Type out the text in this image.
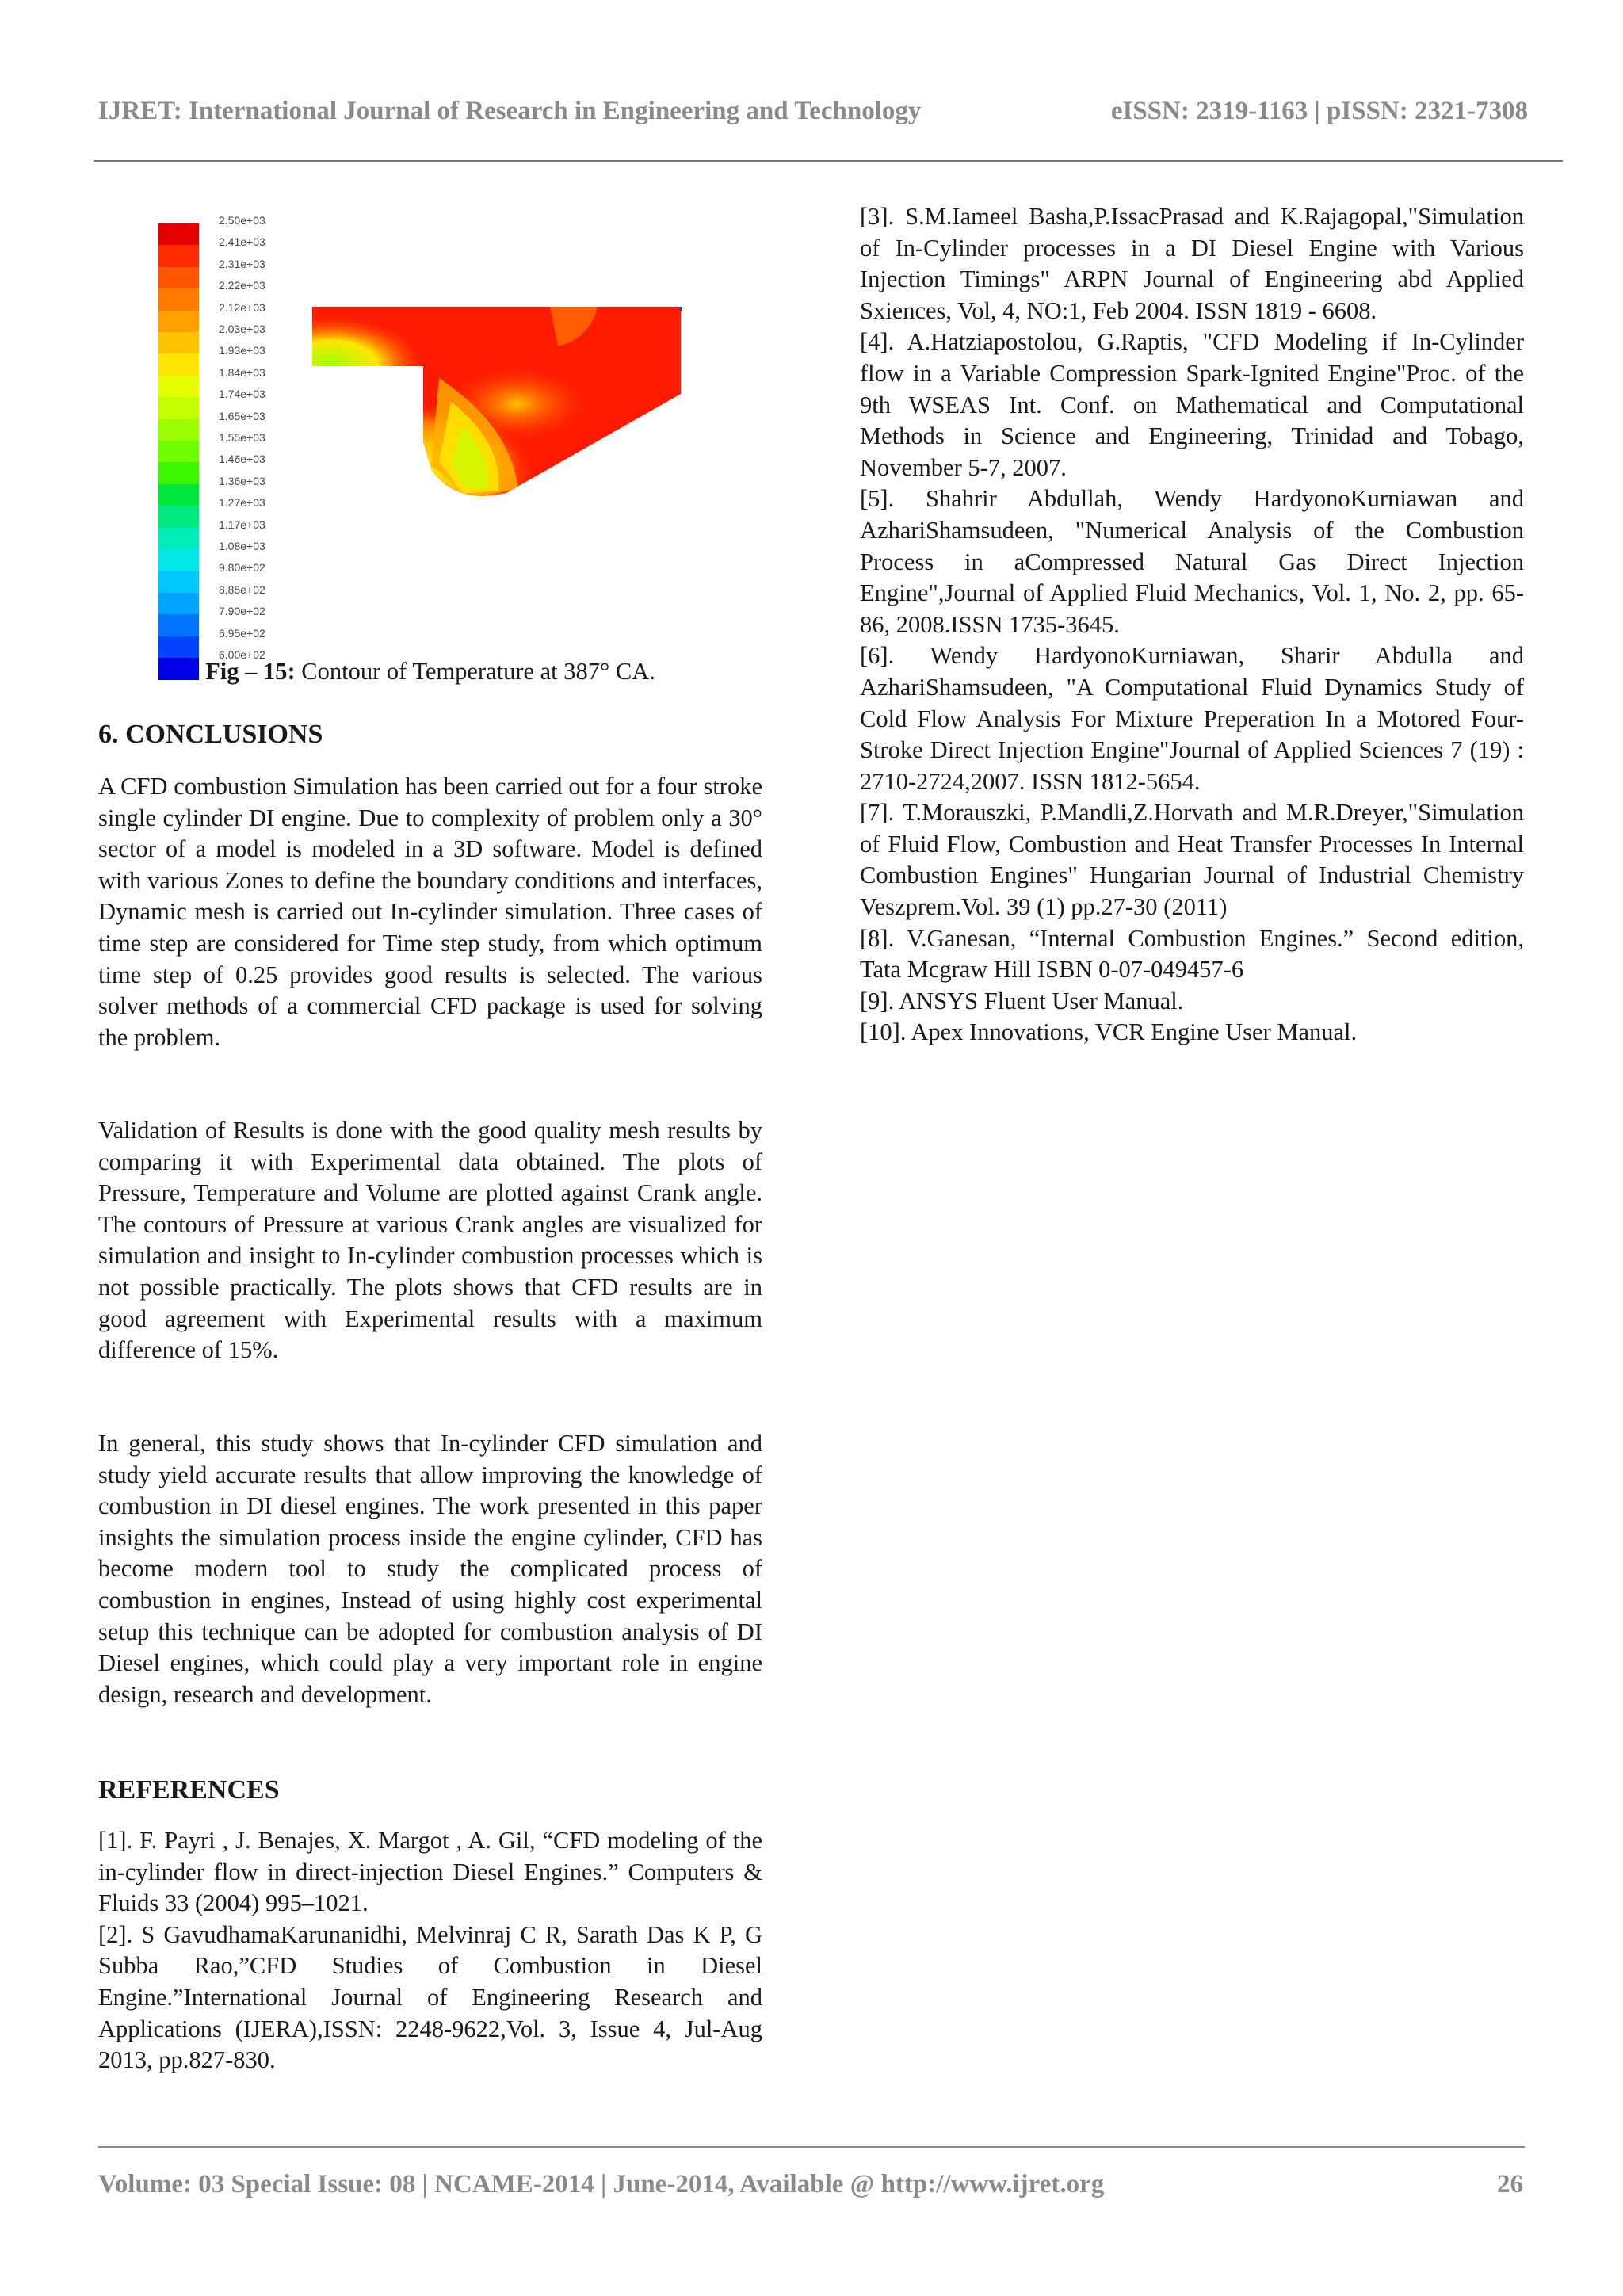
IJRET: International Journal of Research in Engineering and Technology	eISSN: 2319-1163 | pISSN: 2321-7308
2.50e+03
2.41e+03
2.31e+03
2.22e+03
2.12e+03
2.03e+03
1.93e+03
1.84e+03
1.74e+03
1.65e+03
1.55e+03
1.46e+03
1.36e+03
1.27e+03
1.17e+03
1.08e+03
9.80e+02
8.85e+02
7.90e+02
6.95e+02
6.00e+02
Fig – 15: Contour of Temperature at 387° CA.
6. CONCLUSIONS

A CFD combustion Simulation has been carried out for a four stroke single cylinder DI engine. Due to complexity of problem only a 30° sector of a model is modeled in a 3D software. Model is defined with various Zones to define the boundary conditions and interfaces, Dynamic mesh is carried out In-cylinder simulation. Three cases of time step are considered for Time step study, from which optimum time step of 0.25 provides good results is selected. The various solver methods of a commercial CFD package is used for solving the problem.

Validation of Results is done with the good quality mesh results by comparing it with Experimental data obtained. The plots of Pressure, Temperature and Volume are plotted against Crank angle. The contours of Pressure at various Crank angles are visualized for simulation and insight to In-cylinder combustion processes which is not possible practically. The plots shows that CFD results are in good agreement with Experimental results with a maximum difference of 15%.

In general, this study shows that In-cylinder CFD simulation and study yield accurate results that allow improving the knowledge of combustion in DI diesel engines. The work presented in this paper insights the simulation process inside the engine cylinder, CFD has become modern tool to study the complicated process of combustion in engines, Instead of using highly cost experimental setup this technique can be adopted for combustion analysis of DI Diesel engines, which could play a very important role in engine design, research and development.

REFERENCES

[1]. F. Payri , J. Benajes, X. Margot , A. Gil, “CFD modeling of the in-cylinder flow in direct-injection Diesel Engines.” Computers & Fluids 33 (2004) 995–1021.

[2]. S GavudhamaKarunanidhi, Melvinraj C R, Sarath Das K P, G Subba Rao,”CFD Studies of Combustion in Diesel Engine.”International Journal of Engineering Research and Applications (IJERA),ISSN: 2248-9622,Vol. 3, Issue 4, Jul-Aug 2013, pp.827-830.

[3]. S.M.Iameel Basha,P.IssacPrasad and K.Rajagopal,"Simulation of In-Cylinder processes in a DI Diesel Engine with Various Injection Timings" ARPN Journal of Engineering abd Applied Sxiences, Vol, 4, NO:1, Feb 2004. ISSN 1819 - 6608.

[4]. A.Hatziapostolou, G.Raptis, "CFD Modeling if In-Cylinder flow in a Variable Compression Spark-Ignited Engine"Proc. of the 9th WSEAS Int. Conf. on Mathematical and Computational Methods in Science and Engineering, Trinidad and Tobago, November 5-7, 2007.

[5]. Shahrir Abdullah, Wendy HardyonoKurniawan and AzhariShamsudeen, "Numerical Analysis of the Combustion Process in aCompressed Natural Gas Direct Injection Engine",Journal of Applied Fluid Mechanics, Vol. 1, No. 2, pp. 65-86, 2008.ISSN 1735-3645.

[6]. Wendy HardyonoKurniawan, Sharir Abdulla and AzhariShamsudeen, "A Computational Fluid Dynamics Study of Cold Flow Analysis For Mixture Preperation In a Motored Four-Stroke Direct Injection Engine"Journal of Applied Sciences 7 (19) : 2710-2724,2007. ISSN 1812-5654.

[7]. T.Morauszki, P.Mandli,Z.Horvath and M.R.Dreyer,"Simulation of Fluid Flow, Combustion and Heat Transfer Processes In Internal Combustion Engines" Hungarian Journal of Industrial Chemistry Veszprem.Vol. 39 (1) pp.27-30 (2011)

[8]. V.Ganesan, “Internal Combustion Engines.” Second edition, Tata Mcgraw Hill ISBN 0-07-049457-6

[9]. ANSYS Fluent User Manual.

[10]. Apex Innovations, VCR Engine User Manual.

Volume: 03 Special Issue: 08 | NCAME-2014 | June-2014, Available @ http://www.ijret.org	26
